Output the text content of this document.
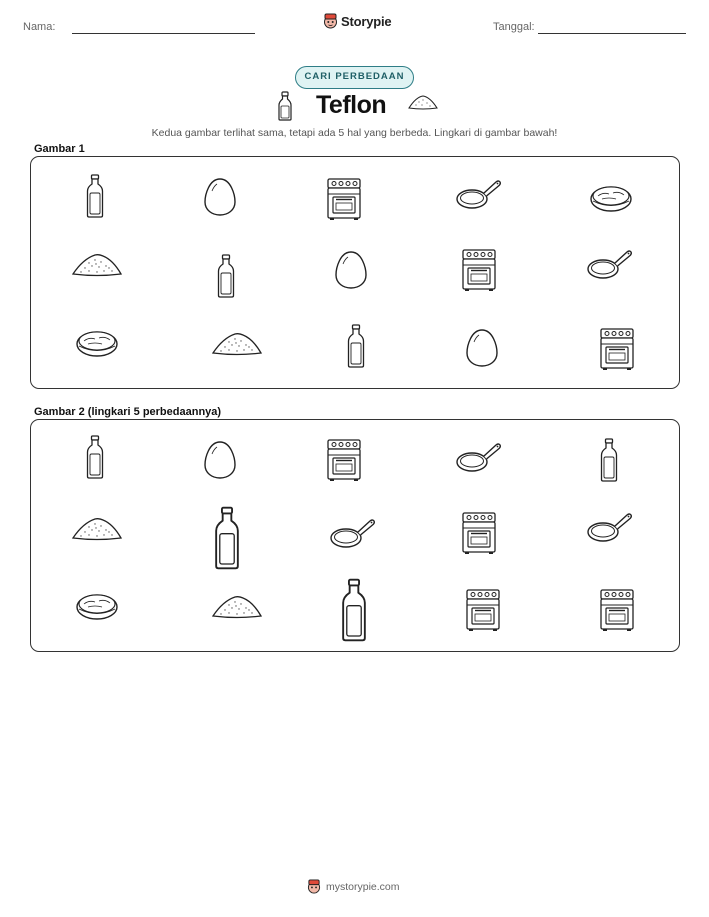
Nama:	Storypie	Tanggal:
CARI PERBEDAAN
Teflon
Kedua gambar terlihat sama, tetapi ada 5 hal yang berbeda. Lingkari di gambar bawah!
Gambar 1
Gambar 2 (lingkari 5 perbedaannya)
mystorypie.com
